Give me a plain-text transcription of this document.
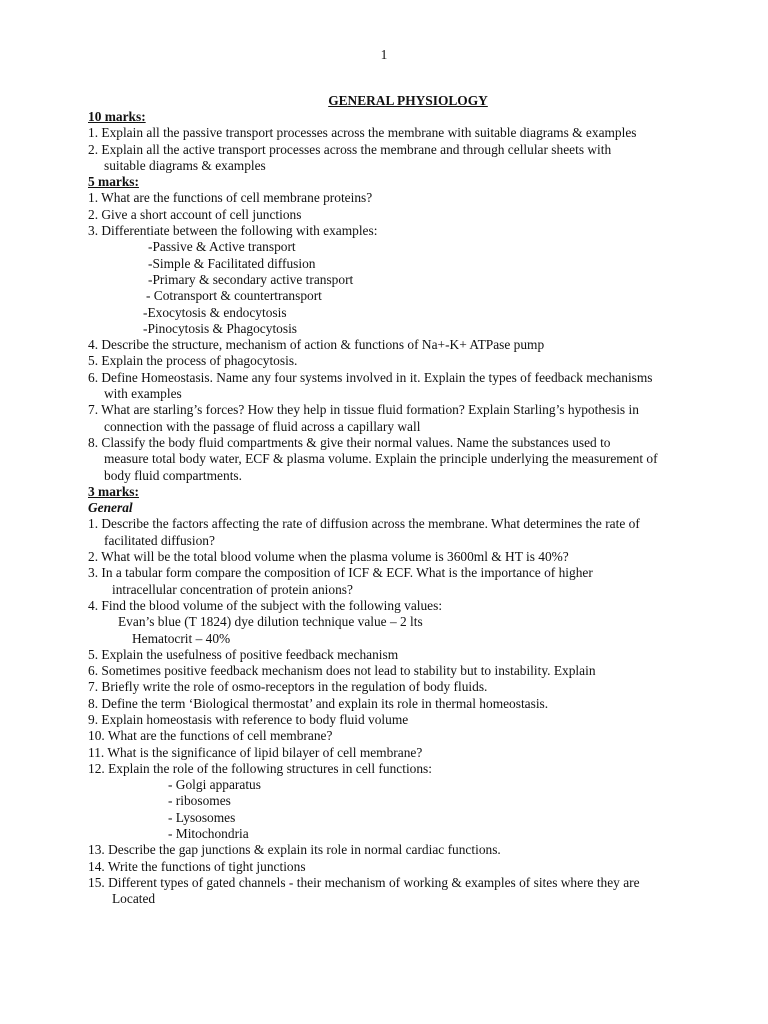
1
GENERAL PHYSIOLOGY
10 marks:
1. Explain all the passive transport processes across the membrane with suitable diagrams & examples
2. Explain all the active transport processes across the membrane and through cellular sheets with
suitable diagrams & examples
5 marks:
1. What are the functions of cell membrane proteins?
2. Give a short account of cell junctions
3. Differentiate between the following with examples:
-Passive & Active transport
-Simple & Facilitated diffusion
-Primary & secondary active transport
- Cotransport & countertransport
-Exocytosis & endocytosis
-Pinocytosis & Phagocytosis
4. Describe the structure, mechanism of action & functions of Na+-K+ ATPase pump
5. Explain the process of phagocytosis.
6. Define Homeostasis. Name any four systems involved in it. Explain the types of feedback mechanisms
with examples
7. What are starling’s forces? How they help in tissue fluid formation? Explain Starling’s hypothesis in
connection with the passage of fluid across a capillary wall
8. Classify the body fluid compartments & give their normal values. Name the substances used to
measure total body water, ECF & plasma volume. Explain the principle underlying the measurement of
body fluid compartments.
3 marks:
General
1. Describe the factors affecting the rate of diffusion across the membrane. What determines the rate of
facilitated diffusion?
2. What will be the total blood volume when the plasma volume is 3600ml & HT is 40%?
3. In a tabular form compare the composition of ICF & ECF. What is the importance of higher
intracellular concentration of protein anions?
4. Find the blood volume of the subject with the following values:
Evan’s blue (T 1824) dye dilution technique value – 2 lts
Hematocrit – 40%
5. Explain the usefulness of positive feedback mechanism
6. Sometimes positive feedback mechanism does not lead to stability but to instability. Explain
7. Briefly write the role of osmo-receptors in the regulation of body fluids.
8. Define the term ‘Biological thermostat’ and explain its role in thermal homeostasis.
9. Explain homeostasis with reference to body fluid volume
10. What are the functions of cell membrane?
11. What is the significance of lipid bilayer of cell membrane?
12. Explain the role of the following structures in cell functions:
- Golgi apparatus
- ribosomes
- Lysosomes
- Mitochondria
13. Describe the gap junctions & explain its role in normal cardiac functions.
14. Write the functions of tight junctions
15. Different types of gated channels - their mechanism of working & examples of sites where they are
Located
